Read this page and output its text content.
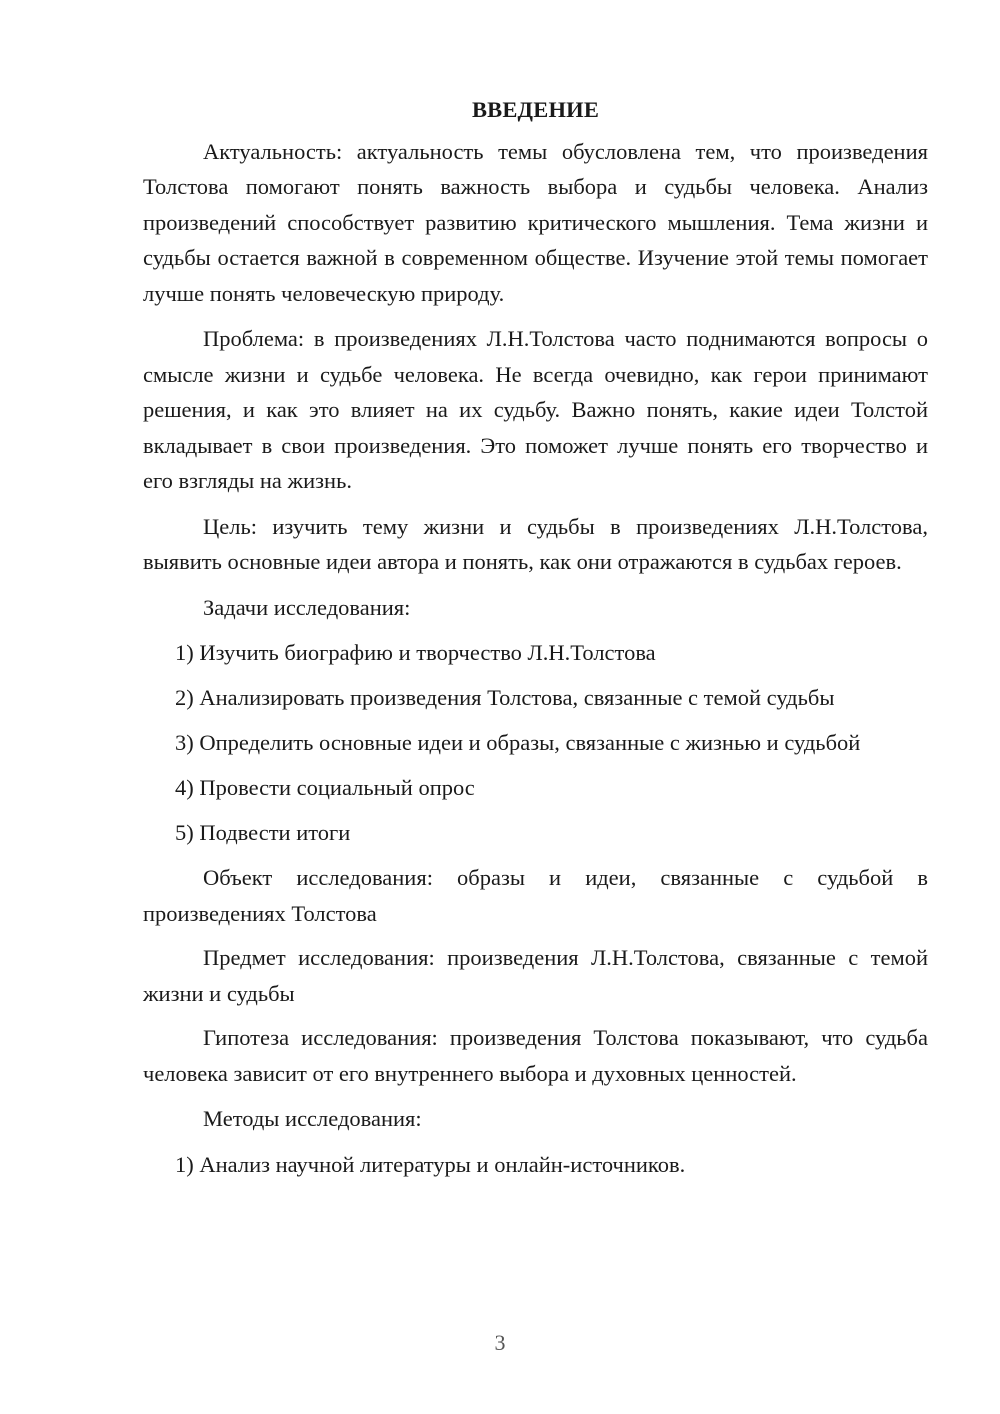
ВВЕДЕНИЕ

Актуальность: актуальность темы обусловлена тем, что произведения Толстова помогают понять важность выбора и судьбы человека. Анализ произведений способствует развитию критического мышления. Тема жизни и судьбы остается важной в современном обществе. Изучение этой темы помогает лучше понять человеческую природу.

Проблема: в произведениях Л.Н.Толстова часто поднимаются вопросы о смысле жизни и судьбе человека. Не всегда очевидно, как герои принимают решения, и как это влияет на их судьбу. Важно понять, какие идеи Толстой вкладывает в свои произведения. Это поможет лучше понять его творчество и его взгляды на жизнь.

Цель: изучить тему жизни и судьбы в произведениях Л.Н.Толстова, выявить основные идеи автора и понять, как они отражаются в судьбах героев.

Задачи исследования:
1) Изучить биографию и творчество Л.Н.Толстова
2) Анализировать произведения Толстова, связанные с темой судьбы
3) Определить основные идеи и образы, связанные с жизнью и судьбой
4) Провести социальный опрос
5) Подвести итоги

Объект исследования: образы и идеи, связанные с судьбой в произведениях Толстова

Предмет исследования: произведения Л.Н.Толстова, связанные с темой жизни и судьбы

Гипотеза исследования: произведения Толстова показывают, что судьба человека зависит от его внутреннего выбора и духовных ценностей.

Методы исследования:
1) Анализ научной литературы и онлайн-источников.
3
